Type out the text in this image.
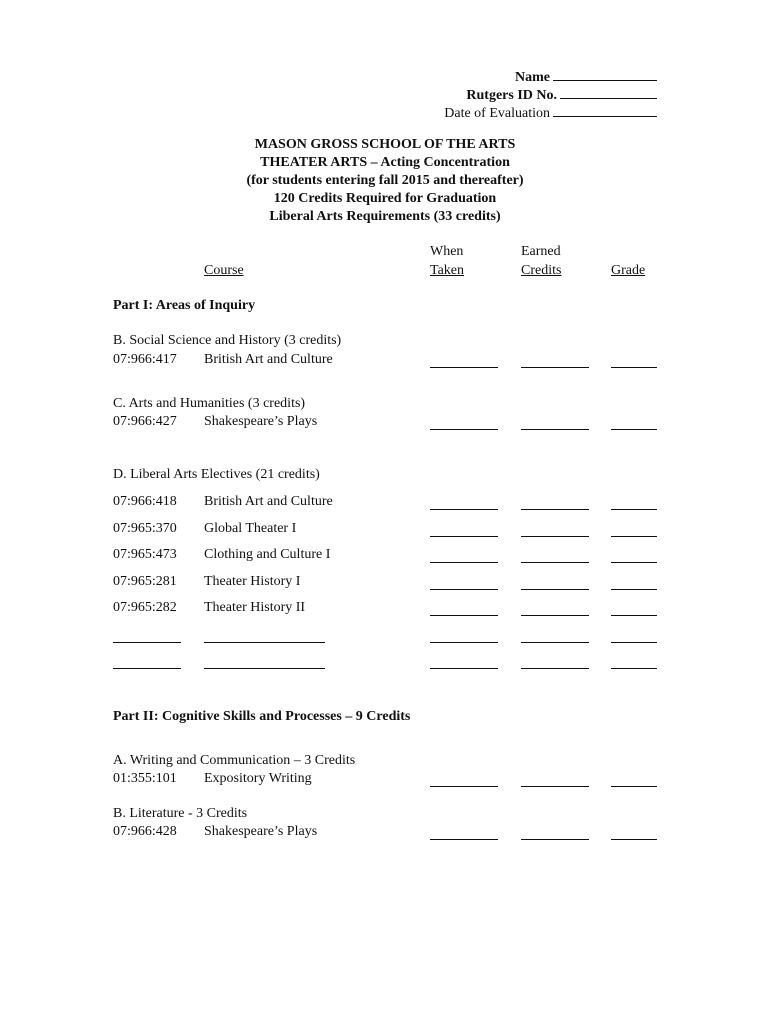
Name
Rutgers ID No.
Date of Evaluation
MASON GROSS SCHOOL OF THE ARTS
THEATER ARTS – Acting Concentration
(for students entering fall 2015 and thereafter)
120 Credits Required for Graduation
Liberal Arts Requirements (33 credits)
Course
When
Taken
Earned
Credits	Grade
Part I: Areas of Inquiry
B. Social Science and History (3 credits)
07:966:417 British Art and Culture
C. Arts and Humanities (3 credits)
07:966:427 Shakespeare’s Plays
D. Liberal Arts Electives (21 credits)
07:966:418 British Art and Culture
07:965:370 Global Theater I
07:965:473 Clothing and Culture I
07:965:281 Theater History I
07:965:282 Theater History II
Part II: Cognitive Skills and Processes – 9 Credits
A. Writing and Communication – 3 Credits
01:355:101 Expository Writing
B. Literature - 3 Credits
07:966:428 Shakespeare’s Plays
